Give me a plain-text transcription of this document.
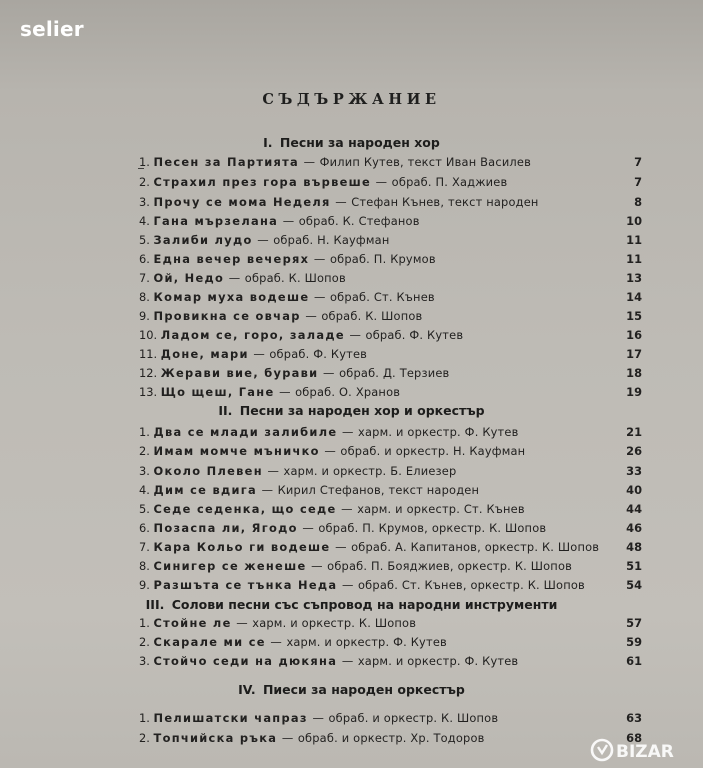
selier
СЪДЪРЖАНИЕ
I. Песни за народен хор
1. Песен за Партията — Филип Кутев, текст Иван Василев	7
2. Страхил през гора вървеше — обраб. П. Хаджиев	7
3. Прочу се мома Неделя — Стефан Кънев, текст народен	8
4. Гана мързелана — обраб. К. Стефанов	10
5. Залиби лудо — обраб. Н. Кауфман	11
6. Една вечер вечерях — обраб. П. Крумов	11
7. Ой, Недо — обраб. К. Шопов	13
8. Комар муха водеше — обраб. Ст. Кънев	14
9. Провикна се овчар — обраб. К. Шопов	15
10. Ладом се, горо, заладе — обраб. Ф. Кутев	16
11. Доне, мари — обраб. Ф. Кутев	17
12. Жерави вие, бурави — обраб. Д. Терзиев	18
13. Що щеш, Гане — обраб. О. Хранов	19
II. Песни за народен хор и оркестър
1. Два се млади залибиле — харм. и оркестр. Ф. Кутев	21
2. Имам момче мъничко — обраб. и оркестр. Н. Кауфман	26
3. Около Плевен — харм. и оркестр. Б. Елиезер	33
4. Дим се вдига — Кирил Стефанов, текст народен	40
5. Седе седенка, що седе — харм. и оркестр. Ст. Кънев	44
6. Позаспа ли, Ягодо — обраб. П. Крумов, оркестр. К. Шопов	46
7. Кара Кольо ги водеше — обраб. А. Капитанов, оркестр. К. Шопов 48
8. Синигер се женеше — обраб. П. Бояджиев, оркестр. К. Шопов	51
9. Разшъта се тънка Неда — обраб. Ст. Кънев, оркестр. К. Шопов	54
III. Солови песни със съпровод на народни инструменти
1. Стойне ле — харм. и оркестр. К. Шопов	57
2. Скарале ми се — харм. и оркестр. Ф. Кутев	59
3. Стойчо седи на дюкяна — харм. и оркестр. Ф. Кутев	61
IV. Пиеси за народен оркестър
1. Пелишатски чапраз — обраб. и оркестр. К. Шопов	63
2. Топчийска ръка — обраб. и оркестр. Хр. Тодоров	68
BIZAR
